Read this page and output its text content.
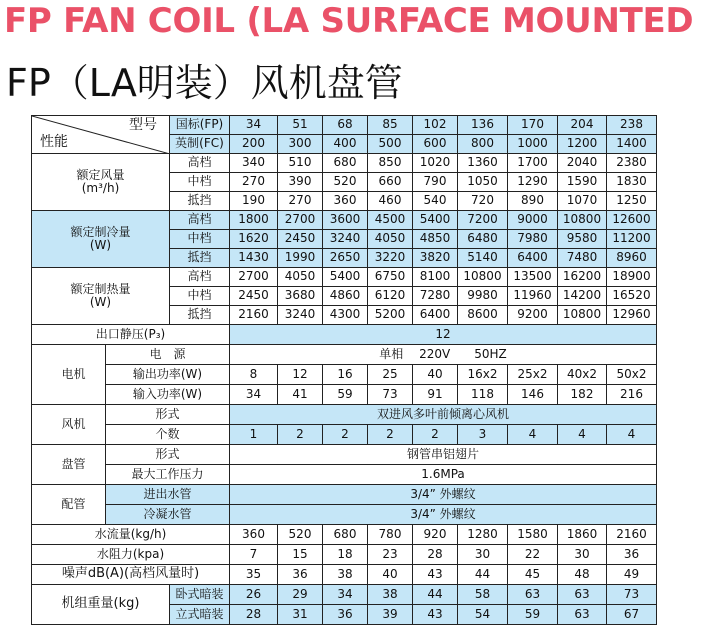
FP FAN COIL (LA SURFACE MOUNTED
FP（LA明装）风机盘管
型号
性能		国标(FP)	34	51	68	85	102	136	170	204	238
		英制(FC)	200	300	400	500	600	800	1000	1200	1400

额定风量
(m³/h)		高档	340	510	680	850	1020	1360	1700	2040	2380
		中档	270	390	520	660	790	1050	1290	1590	1830
		抵挡	190	270	360	460	540	720	890	1070	1250

额定制冷量
(W)		高档	1800	2700	3600	4500	5400	7200	9000	10800	12600
		中档	1620	2450	3240	4050	4850	6480	7980	9580	11200
		抵挡	1430	1990	2650	3220	3820	5140	6400	7480	8960

额定制热量
(W)		高档	2700	4050	5400	6750	8100	10800	13500	16200	18900
		中档	2450	3680	4860	6120	7280	9980	11960	14200	16520
		抵挡	2160	3240	4300	5200	6400	8600	9200	10800	12960
出口静压(P₃)			12								

电机	电　源		单相　 220V　　50HZ								
	输出功率(W)		8	12	16	25	40	16x2	25x2	40x2	50x2
	输入功率(W)		34	41	59	73	91	118	146	182	216

风机	形式		双进风多叶前倾离心风机								
	个数		1	2	2	2	2	3	4	4	4

盘管	形式		钢管串铝翅片								
	最大工作压力		1.6MPa								

配管	进出水管		3/4” 外螺纹								
	冷凝水管		3/4” 外螺纹								
水流量(kg/h)			360	520	680	780	920	1280	1580	1860	2160
水阻力(kpa)			7	15	18	23	28	30	22	30	36
噪声dB(A)(高档风量时)			35	36	38	40	43	44	45	48	49
机组重量(kg)		卧式暗装	26	29	34	38	44	58	63	63	73
		立式暗装	28	31	36	39	43	54	59	63	67
